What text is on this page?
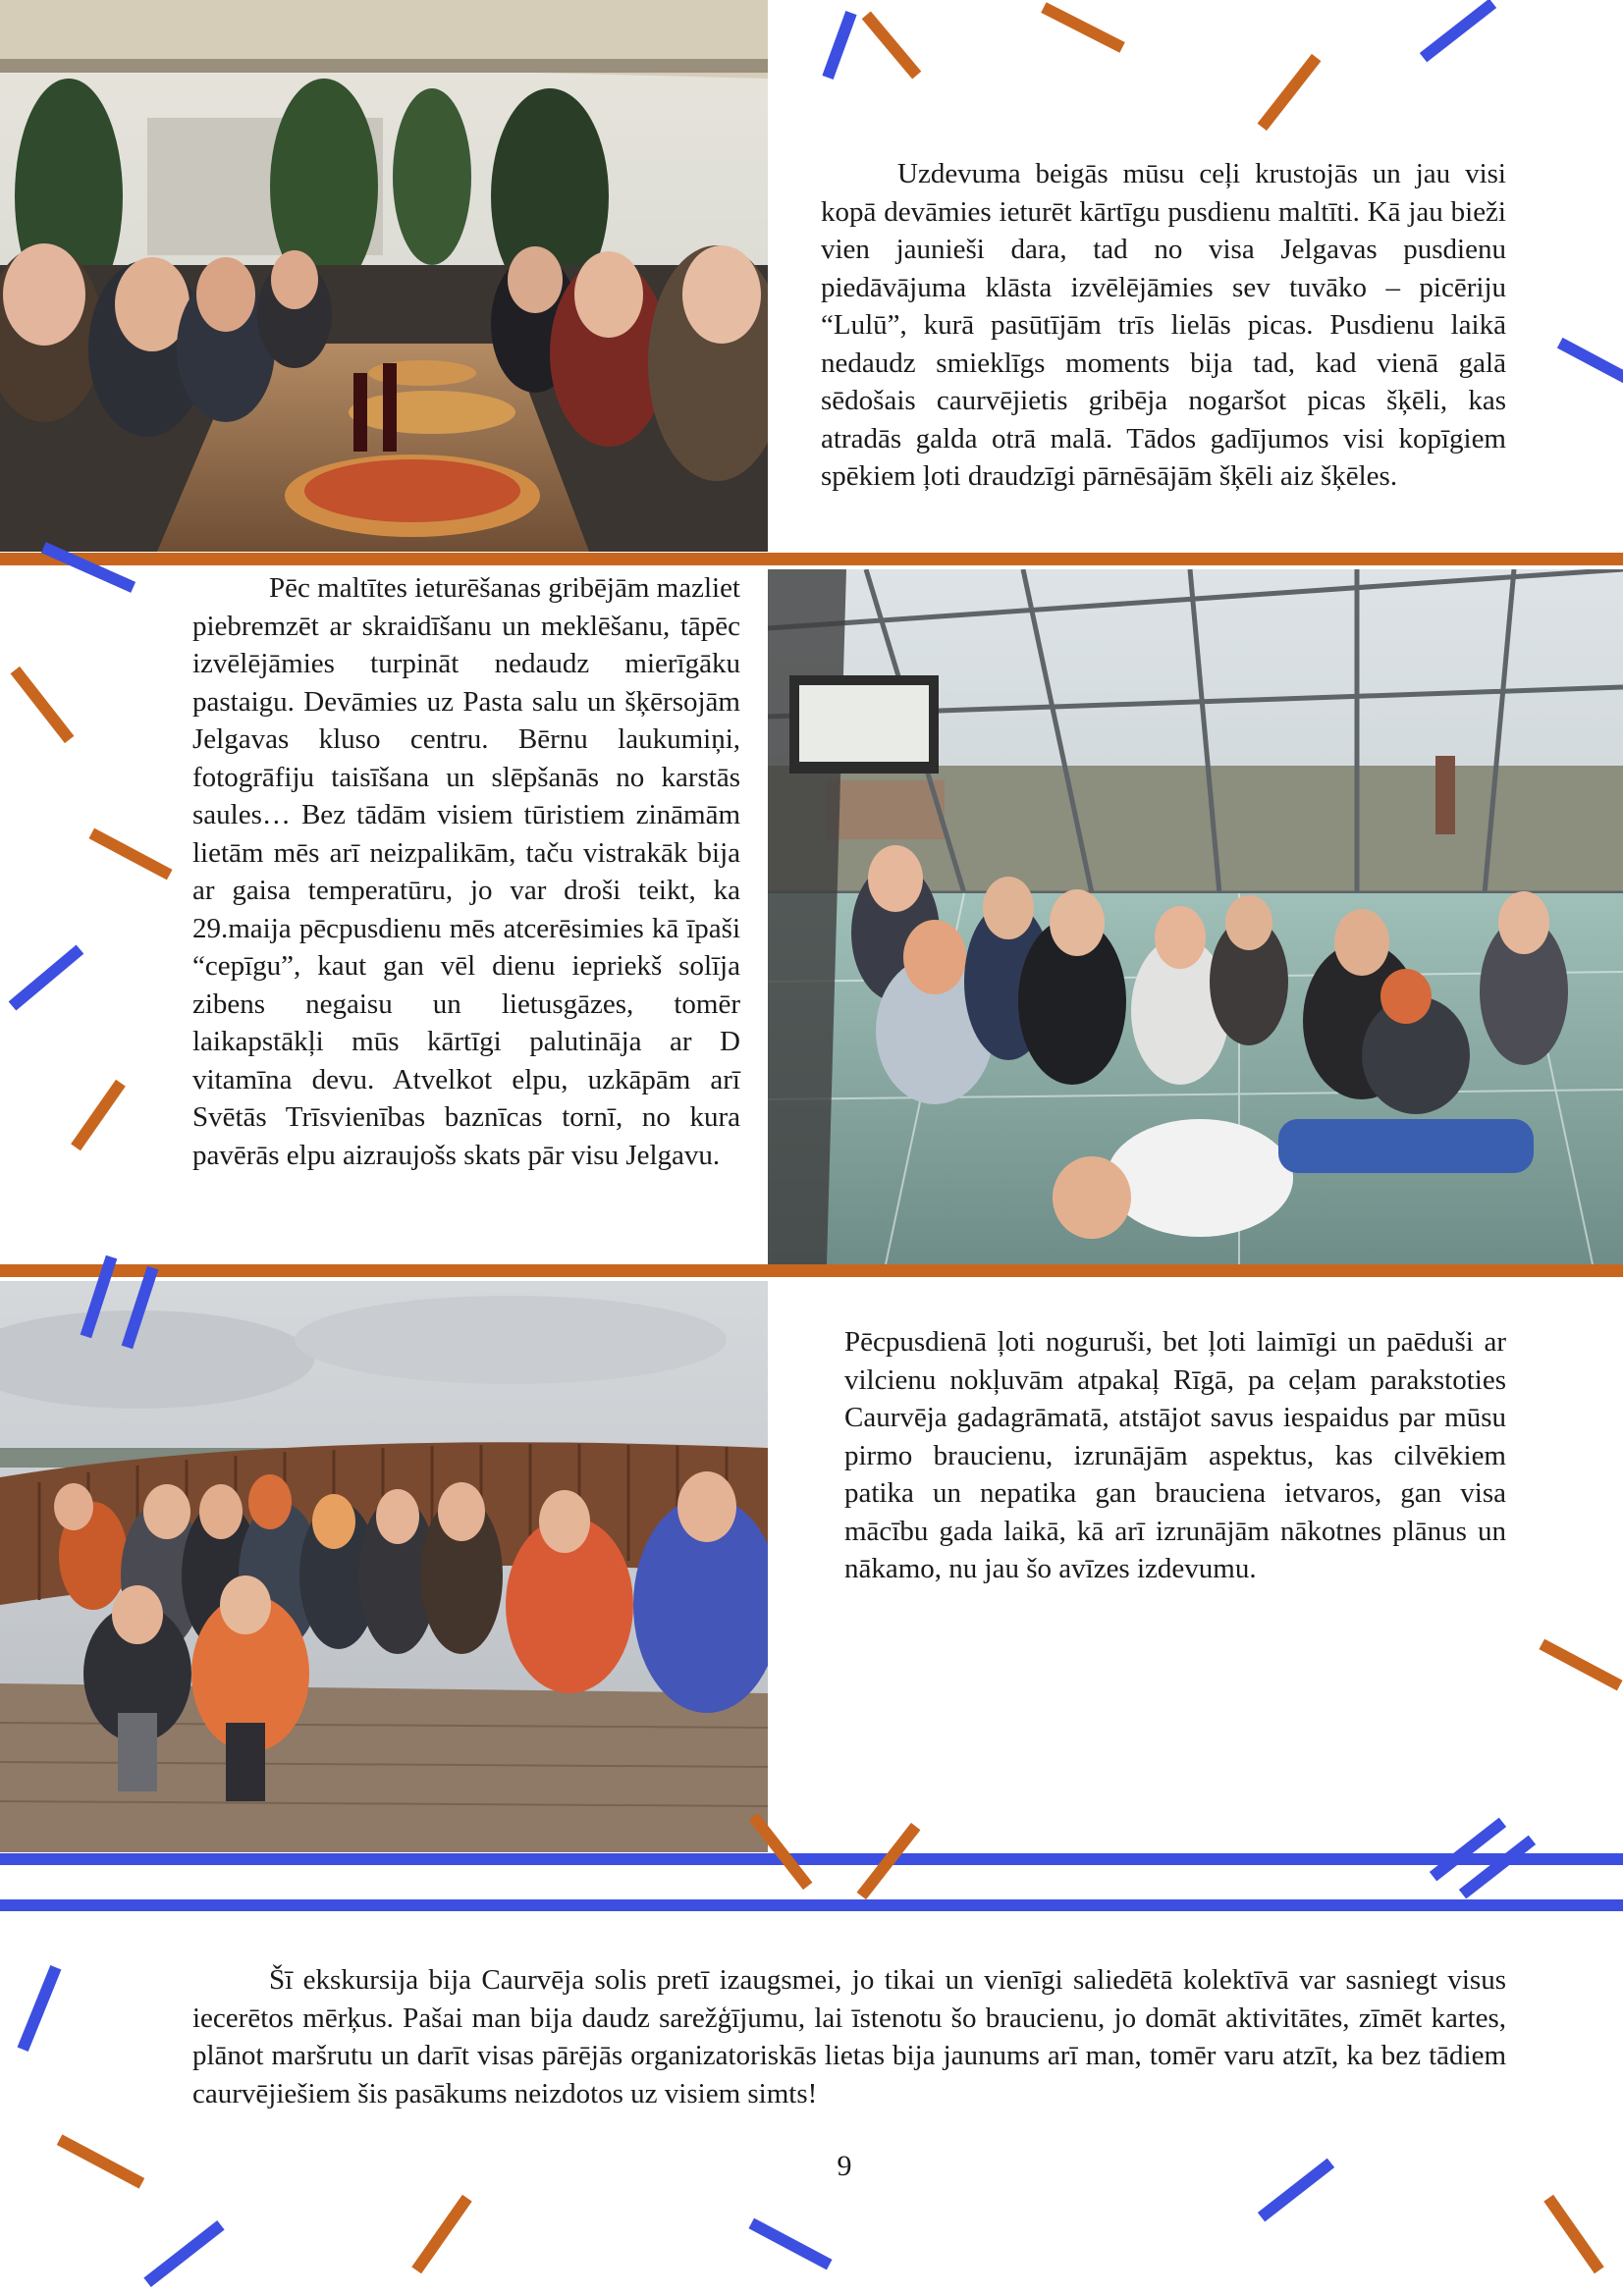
Uzdevuma beigās mūsu ceļi krustojās un jau visi kopā devāmies ieturēt kārtīgu pusdienu maltīti. Kā jau bieži vien jaunieši dara, tad no visa Jelgavas pusdienu piedāvājuma klāsta izvēlējāmies sev tuvāko – picēriju “Lulū”, kurā pasūtījām trīs lielās picas. Pusdienu laikā nedaudz smieklīgs moments bija tad, kad vienā galā sēdošais caurvējietis gribēja nogaršot picas šķēli, kas atradās galda otrā malā. Tādos gadījumos visi kopīgiem spēkiem ļoti draudzīgi pārnēsājām šķēli aiz šķēles.

Pēc maltītes ieturēšanas gribējām mazliet piebremzēt ar skraidīšanu un meklēšanu, tāpēc izvēlējāmies turpināt nedaudz mierīgāku pastaigu. Devāmies uz Pasta salu un šķērsojām Jelgavas kluso centru. Bērnu laukumiņi, fotogrāfiju taisīšana un slēpšanās no karstās saules… Bez tādām visiem tūristiem zināmām lietām mēs arī neizpalikām, taču vistrakāk bija ar gaisa temperatūru, jo var droši teikt, ka 29.maija pēcpusdienu mēs atcerēsimies kā īpaši “cepīgu”, kaut gan vēl dienu iepriekš solīja zibens negaisu un lietusgāzes, tomēr laikapstākļi mūs kārtīgi palutināja ar D vitamīna devu. Atvelkot elpu, uzkāpām arī Svētās Trīsvienības baznīcas tornī, no kura pavērās elpu aizraujošs skats pār visu Jelgavu.

Pēcpusdienā ļoti noguruši, bet ļoti laimīgi un paēduši ar vilcienu nokļuvām atpakaļ Rīgā, pa ceļam parakstoties Caurvēja gadagrāmatā, atstājot savus iespaidus par mūsu pirmo braucienu, izrunājām aspektus, kas cilvēkiem patika un nepatika gan brauciena ietvaros, gan visa mācību gada laikā, kā arī izrunājām nākotnes plānus un nākamo, nu jau šo avīzes izdevumu.

Šī ekskursija bija Caurvēja solis pretī izaugsmei, jo tikai un vienīgi saliedētā kolektīvā var sasniegt visus iecerētos mērķus. Pašai man bija daudz sarežģījumu, lai īstenotu šo braucienu, jo domāt aktivitātes, zīmēt kartes, plānot maršrutu un darīt visas pārējās organizatoriskās lietas bija jaunums arī man, tomēr varu atzīt, ka bez tādiem caurvējiešiem šis pasākums neizdotos uz visiem simts!

9
